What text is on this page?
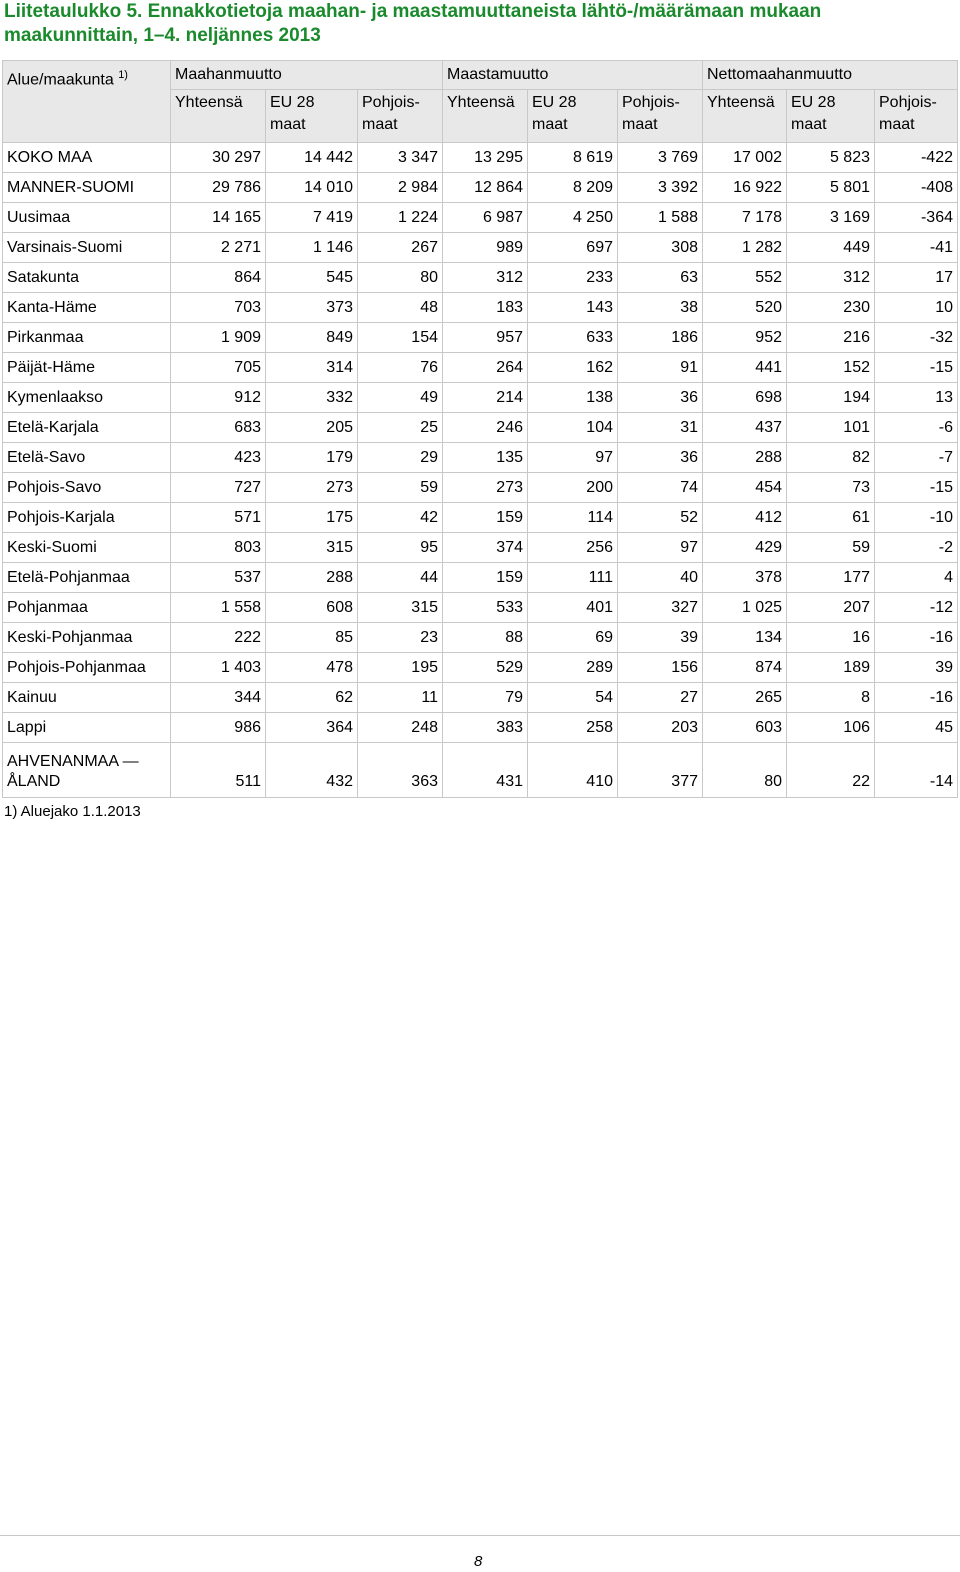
Liitetaulukko 5. Ennakkotietoja maahan- ja maastamuuttaneista lähtö-/määrämaan mukaan
maakunnittain, 1–4. neljännes 2013
Alue/maakunta $^{1)}$	Maahanmuutto			Maastamuutto			Nettomaahanmuutto		
	Yhteensä	EU 28 maat	Pohjois-maat	Yhteensä	EU 28 maat	Pohjois-maat	Yhteensä	EU 28 maat	Pohjois-maat
KOKO MAA	30 297	14 442	3 347	13 295	8 619	3 769	17 002	5 823	-422
MANNER-SUOMI	29 786	14 010	2 984	12 864	8 209	3 392	16 922	5 801	-408
Uusimaa	14 165	7 419	1 224	6 987	4 250	1 588	7 178	3 169	-364
Varsinais-Suomi	2 271	1 146	267	989	697	308	1 282	449	-41
Satakunta	864	545	80	312	233	63	552	312	17
Kanta-Häme	703	373	48	183	143	38	520	230	10
Pirkanmaa	1 909	849	154	957	633	186	952	216	-32
Päijät-Häme	705	314	76	264	162	91	441	152	-15
Kymenlaakso	912	332	49	214	138	36	698	194	13
Etelä-Karjala	683	205	25	246	104	31	437	101	-6
Etelä-Savo	423	179	29	135	97	36	288	82	-7
Pohjois-Savo	727	273	59	273	200	74	454	73	-15
Pohjois-Karjala	571	175	42	159	114	52	412	61	-10
Keski-Suomi	803	315	95	374	256	97	429	59	-2
Etelä-Pohjanmaa	537	288	44	159	111	40	378	177	4
Pohjanmaa	1 558	608	315	533	401	327	1 025	207	-12
Keski-Pohjanmaa	222	85	23	88	69	39	134	16	-16
Pohjois-Pohjanmaa	1 403	478	195	529	289	156	874	189	39
Kainuu	344	62	11	79	54	27	265	8	-16
Lappi	986	364	248	383	258	203	603	106	45
AHVENANMAA — ÅLAND	511	432	363	431	410	377	80	22	-14
1) Aluejako 1.1.2013
8
